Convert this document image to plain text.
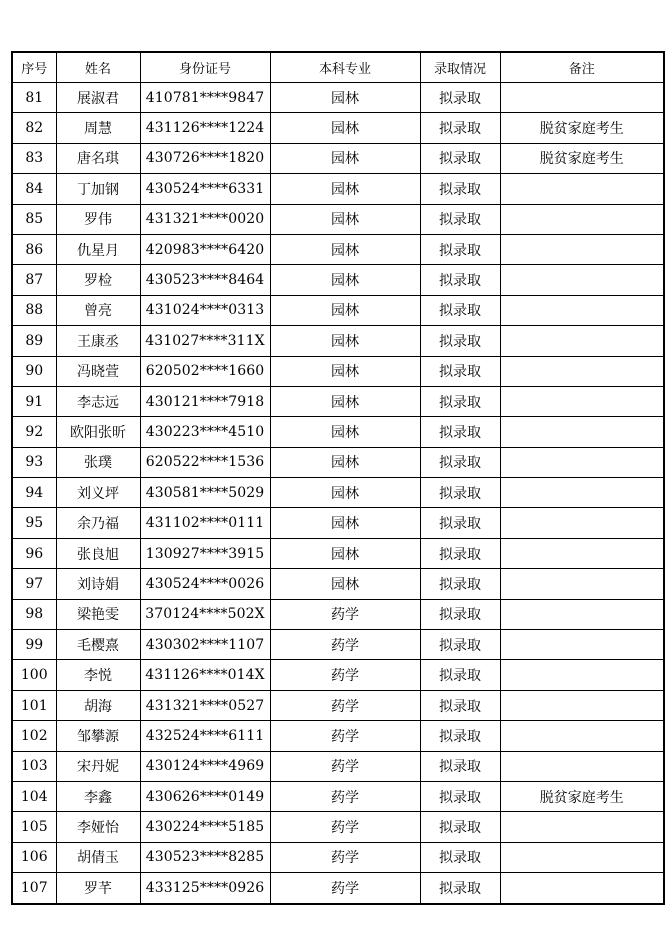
序号	姓名	身份证号	本科专业	录取情况	备注
81	展淑君	410781****9847	园林	拟录取	
82	周慧	431126****1224	园林	拟录取	脱贫家庭考生
83	唐名琪	430726****1820	园林	拟录取	脱贫家庭考生
84	丁加钢	430524****6331	园林	拟录取	
85	罗伟	431321****0020	园林	拟录取	
86	仇星月	420983****6420	园林	拟录取	
87	罗检	430523****8464	园林	拟录取	
88	曾亮	431024****0313	园林	拟录取	
89	王康丞	431027****311X	园林	拟录取	
90	冯晓萱	620502****1660	园林	拟录取	
91	李志远	430121****7918	园林	拟录取	
92	欧阳张昕	430223****4510	园林	拟录取	
93	张璞	620522****1536	园林	拟录取	
94	刘义坪	430581****5029	园林	拟录取	
95	余乃福	431102****0111	园林	拟录取	
96	张良旭	130927****3915	园林	拟录取	
97	刘诗娟	430524****0026	园林	拟录取	
98	梁艳雯	370124****502X	药学	拟录取	
99	毛樱熹	430302****1107	药学	拟录取	
100	李悦	431126****014X	药学	拟录取	
101	胡海	431321****0527	药学	拟录取	
102	邹攀源	432524****6111	药学	拟录取	
103	宋丹妮	430124****4969	药学	拟录取	
104	李鑫	430626****0149	药学	拟录取	脱贫家庭考生
105	李娅怡	430224****5185	药学	拟录取	
106	胡倩玉	430523****8285	药学	拟录取	
107	罗芊	433125****0926	药学	拟录取	
